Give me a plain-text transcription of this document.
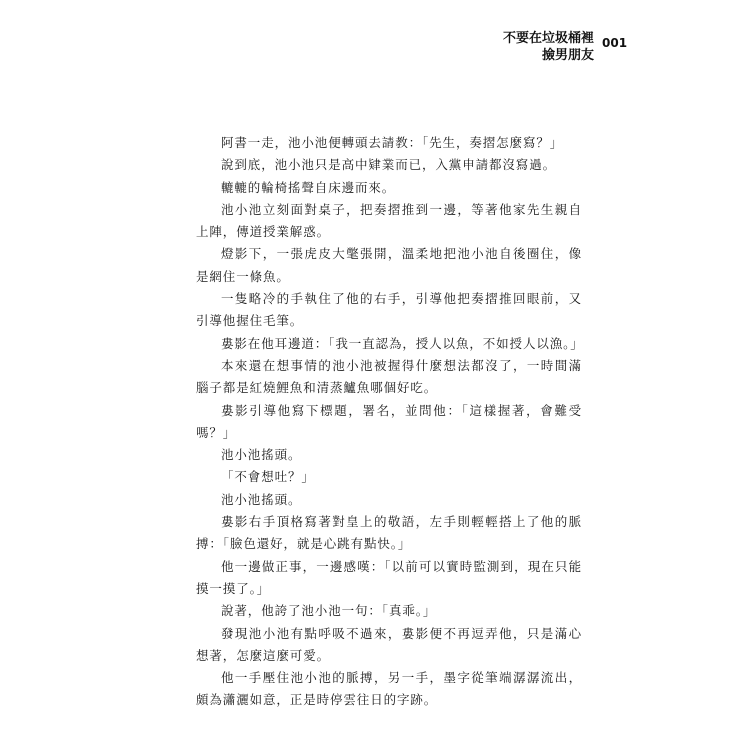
不要在垃圾桶裡
撿男朋友
001

阿書一走，池小池便轉頭去請教：「先生，奏摺怎麼寫？」

說到底，池小池只是高中肄業而已，入黨申請都沒寫過。

轆轆的輪椅搖聲自床邊而來。

池小池立刻面對桌子，把奏摺推到一邊，等著他家先生親自上陣，傳道授業解惑。

燈影下，一張虎皮大氅張開，溫柔地把池小池自後圈住，像是網住一條魚。

一隻略冷的手執住了他的右手，引導他把奏摺推回眼前，又引導他握住毛筆。

婁影在他耳邊道：「我一直認為，授人以魚，不如授人以漁。」

本來還在想事情的池小池被握得什麼想法都沒了，一時間滿腦子都是紅燒鯉魚和清蒸鱸魚哪個好吃。

婁影引導他寫下標題，署名，並問他：「這樣握著，會難受嗎？」

池小池搖頭。

「不會想吐？」

池小池搖頭。

婁影右手頂格寫著對皇上的敬語，左手則輕輕搭上了他的脈搏：「臉色還好，就是心跳有點快。」

他一邊做正事，一邊感嘆：「以前可以實時監測到，現在只能摸一摸了。」

說著，他誇了池小池一句：「真乖。」

發現池小池有點呼吸不過來，婁影便不再逗弄他，只是滿心想著，怎麼這麼可愛。

他一手壓住池小池的脈搏，另一手，墨字從筆端潺潺流出，頗為瀟灑如意，正是時停雲往日的字跡。
